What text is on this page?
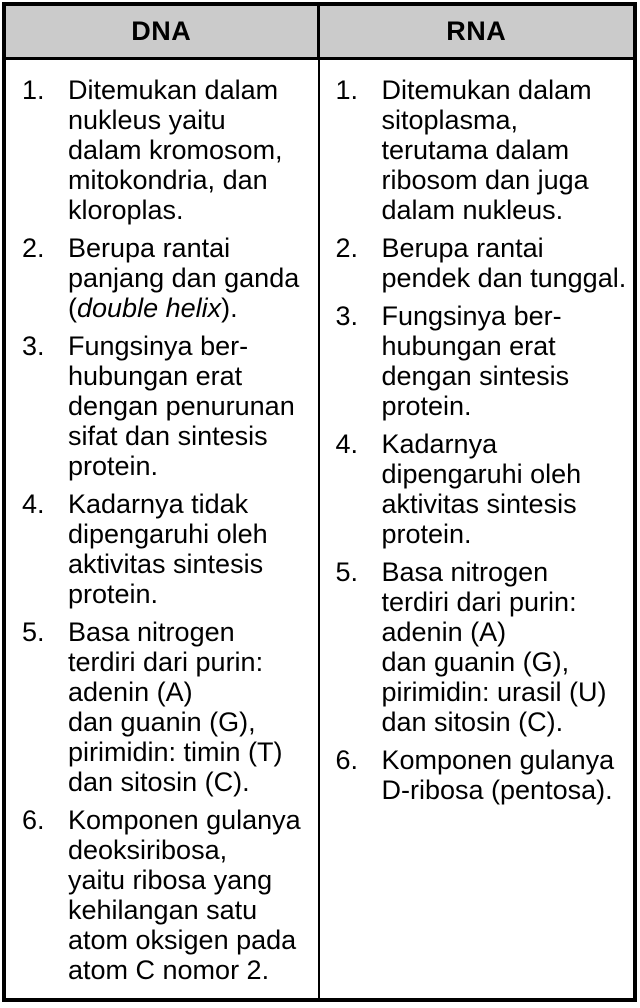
DNA	RNA
1. Ditemukan dalam
nukleus yaitu
dalam kromosom,
mitokondria, dan
kloroplas.
2. Berupa rantai
panjang dan ganda
(double helix).
3. Fungsinya ber-
hubungan erat
dengan penurunan
sifat dan sintesis
protein.
4. Kadarnya tidak
dipengaruhi oleh
aktivitas sintesis
protein.
5. Basa nitrogen
terdiri dari purin:
adenin (A)
dan guanin (G),
pirimidin: timin (T)
dan sitosin (C).
6. Komponen gulanya
deoksiribosa,
yaitu ribosa yang
kehilangan satu
atom oksigen pada
atom C nomor 2.
1. Ditemukan dalam
sitoplasma,
terutama dalam
ribosom dan juga
dalam nukleus.
2. Berupa rantai
pendek dan tunggal.
3. Fungsinya ber-
hubungan erat
dengan sintesis
protein.
4. Kadarnya
dipengaruhi oleh
aktivitas sintesis
protein.
5. Basa nitrogen
terdiri dari purin:
adenin (A)
dan guanin (G),
pirimidin: urasil (U)
dan sitosin (C).
6. Komponen gulanya
D-ribosa (pentosa).
